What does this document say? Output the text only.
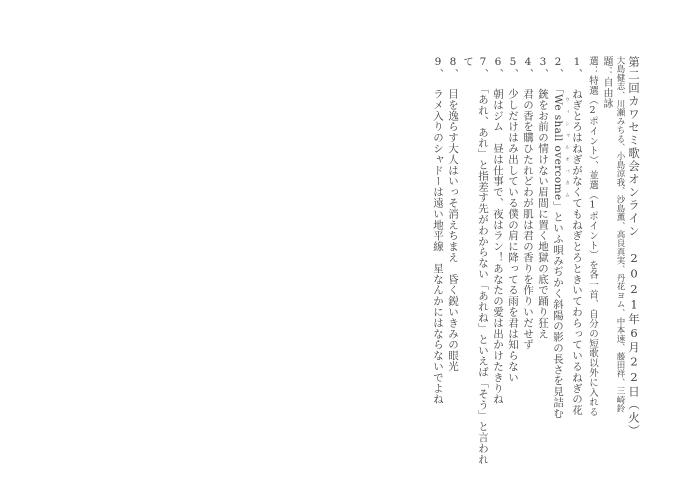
第二回カワセミ歌会オンライン　2021年6月22日（火）

大島健志、川瀬みちる、小島涼我、沙島薫、高良真実、丹花ヨム、中本速、藤田祥、三崎鈴

題：自由詠

選：特選（2ポイント）、並選（1ポイント）を各一首、自分の短歌以外に入れる

1、ねぎとろはねぎがなくてもねぎとろときいてわらっているねぎの花

2、「We shall overcome ウィシャルオバカム」といふ唄みぢかく斜陽の影の長さを見詰む

3、銃をお前の情けない眉間に置く地獄の底で踊り狂え

4、君の香を購ひたれどわが肌は君の香りを作りいだせず

5、少しだけはみ出している僕の肩に降ってる雨を君は知らない

6、朝はジム　昼は仕事で、夜はラン！あなたの愛は出かけたきりね

7、「あれ、あれ」と指差す先がわからない「あれね」といえば「そう」と言われて

8、目を逸らす大人はいっそ消えちまえ　昏く鋭いきみの眼光

9、ラメ入りのシャドーは遠い地平線　星なんかにはならないでよね
